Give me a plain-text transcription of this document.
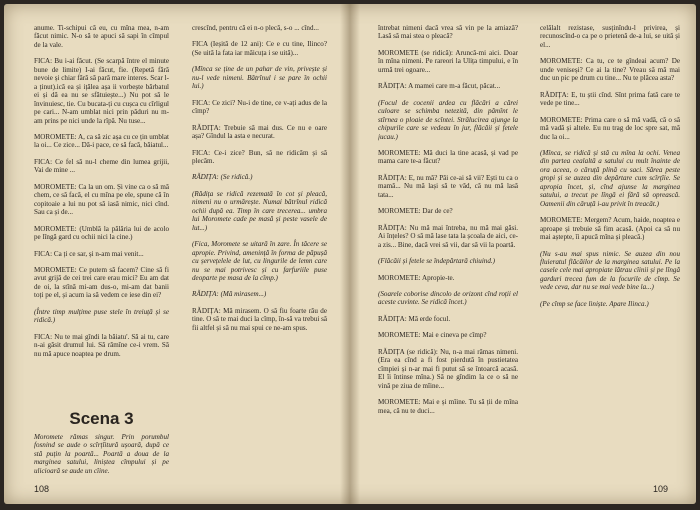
anume. Ti-schipui că eu, cu mîna mea, n-am făcut nimic. N-o să te apuci să sapi în cîmpul de la vale.

FICA: Bu i-ai făcut. (Se scarpă între el minute bune de limite) I-ai făcut, fie. (Repetă fără nevoie și chiar fără să pară mare interes. Scar l-a ținut).ică ea și ițălea așa ii vorbește bărbatul ei și dă ea nu se sfătuiește...) Nu pot să le învinuiesc, tie. Cu bucata-ți cu cușca cu cîrligul pe cari... N-am umblat nici prin păduri nu m-am prins pe nici unde la rîpă. Nu tuse...

MOROMETE: A, ca să zic așa cu ce țin umblat la oi... Ce zice... Dă-i pace, ce să facă, băiatul...

FICA: Ce fel să nu-l cheme din lumea grijii, Vai de mine ...

MOROMETE: Ca la un om. Și vine ca o să mă chem, ce să facă, el cu mîna pe ele, spune că în copitoaie a lui nu pot să iasă nimic, nici cînd. Sau ca și de...

MOROMETE: (Umblă la pălăria lui de acolo pe lîngă gard cu ochii nici la cine.)

FICA: Ca ți ce sar, și n-am mai venit...

MOROMETE: Ce putem să facem? Cine să fi avut grijă de cei trei care erau mici? Eu am dat de oi, la stînă mi-am dus-o, mi-am dat banii toți pe el, și acum ia să vedem ce iese din ei?

(Între timp mulțime puse stele în treiuță și se ridică.)

FICA: Nu te mai gîndi la băiatu'. Să ai tu, care n-ai găsit drumul lui. Să rămîne ce-i vrem. Să nu mă apuce noaptea pe drum.

crescînd, pentru că ei n-o plecă, s-o ... cînd...

FICA (Ieșită de 12 ani): Ce e cu tine, Ilinco? (Se uită la fata iar măicuța i se uită)...

(Mînca se ține de un pahar de vin, privește și nu-l vede nimeni. Bătrînul i se pare în ochii lui.)

FICA: Ce zici? Nu-i de tine, ce v-ați adus de la cîmp?

RĂDIȚA: Trebuie să mai dus. Ce nu e oare așa? Gîndul la asta e necurat.

FICA: Ce-i zice? Bun, să ne ridicăm și să plecăm.

RĂDIȚA: (Se ridică.)

(Rădița se ridică rezemată în cot și pleacă, nimeni nu o urmărește. Numai bătrînul ridică ochii după ea. Timp în care trecerea... umbra lui Moromete cade pe masă și peste vasele de lut...)

(Fica, Moromete se uitară în zare. În tăcere se apropie. Privind, amenință în forma de păpușă cu șervețelele de lut, cu lingurile de lemn care nu se mai potrivesc și cu farfuriile puse deoparte pe masa de la cîmp.)

RĂDIȚA: (Mă mirasem...)

RĂDIȚA: Mă mirasem. O să fiu foarte rău de tine. O să te mai duci la cîmp, în-să va trebui să fii altfel și să nu mai spui ce ne-am spus.

Scena 3
Moromete rămas singur. Prin porumbul fosnind se aude o scîrțîitură ușoară, după ce stă puțin la poartă... Poartă a doua de la marginea satului, liniștea cîmpului și pe ulicioară se aude un cîine.
108

întrebat nimeni dacă vrea să vin pe la amiază? Lasă să mai stea o pleacă?

MOROMETE (se ridică): Aruncă-mi aici. Doar în mîna nimeni. Pe rareori la Ulița timpului, e în urmă trei ogoare...

RĂDIȚA: A mamei care m-a făcut, păcat...

(Focul de cocenii ardea cu flăcări a cărei culoare se schimba netezită, din pămînt le stîrnea o ploaie de scîntei. Strălucirea ajunge la chipurile care se vedeau în jur, flăcăii și fetele jucau.)

MOROMETE: Mă duci la tine acasă, și vad pe mama care te-a făcut?

RĂDIȚA: E, nu mă? Păi ce-ai să vii? Ești tu ca o mamă... Nu mă lași să te văd, că nu mă lasă tata...

MOROMETE: Dar de ce?

RĂDIȚA: Nu mă mai întreba, nu mă mai găsi. Ai înțeles? O să mă lase tata la școala de aici, ce-a zis... Bine, dacă vrei să vii, dar să vii la poartă.

(Flăcăii și fetele se îndepărtară chiuind.)

MOROMETE: Apropie-te.

(Soarele coborise dincolo de orizont cînd roții el aceste cuvinte. Se ridică încet.)

RĂDIȚA: Mă erde focul.

MOROMETE: Mai e cineva pe cîmp?

RĂDIȚA (se ridică): Nu, n-a mai rămas nimeni. (Era ea cînd a fi fost pierdută în pustietatea cîmpiei și n-ar mai fi putut să se întoarcă acasă. El îi întinse mîna.) Să ne gîndim la ce o să ne vină pe ziua de mîine...

MOROMETE: Mai e și mîine. Tu să ții de mîna mea, că nu te duci...

celălalt rezistase, susținîndu-l privirea, și recunoscînd-o ca pe o prietenă de-a lui, se uită și el...

MOROMETE: Ca tu, ce te gîndeai acum? De unde veniseși? Ce ai la tine? Vreau să mă mai duc un pic pe drum cu tine... Nu te plăcea asta?

RĂDIȚA: E, tu știi cînd. Sînt prima fată care te vede pe tine...

MOROMETE: Prima care o să mă vadă, că o să mă vadă și altele. Eu nu trag de loc spre sat, mă duc la oi...

(Mînca, se ridică și stă cu mîna la ochi. Venea din partea cealaltă a satului cu mult înainte de ora aceea, o căruță plină cu saci. Sărea peste gropi și se auzea din depărtare cum scîrțîie. Se apropia încet, și, cînd ajunse la marginea satului, a trecut pe lîngă ei fără să oprească. Oamenii din căruță i-au privit în treacăt.)

MOROMETE: Mergem? Acum, haide, noaptea e aproape și trebuie să fim acasă. (Apoi ca să nu mai aștepte, îi apucă mîna și pleacă.)

(Nu s-au mai spus nimic. Se auzea din nou fluieratul flăcăilor de la marginea satului. Pe la casele cele mai apropiate lătrau cîinii și pe lîngă garduri trecea fum de la focurile de cîmp. Se vede ceva, dar nu se mai vede bine la...)

(Pe cîmp se face liniște. Apare Ilinca.)

109
